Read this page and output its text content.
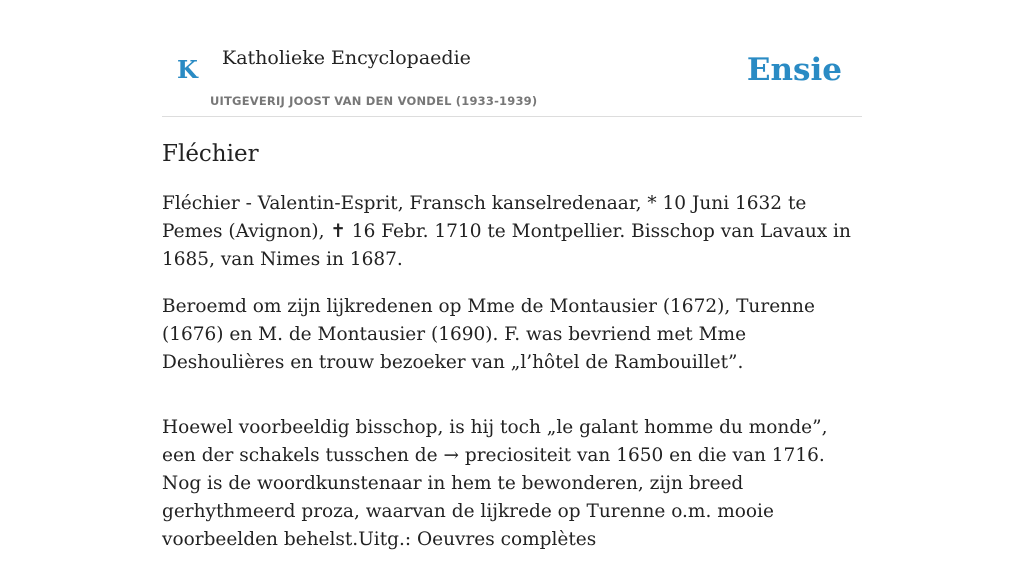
K Katholieke Encyclopaedie
UITGEVERIJ JOOST VAN DEN VONDEL (1933-1939)
Ensie
Fléchier

Fléchier - Valentin-Esprit, Fransch kanselredenaar, * 10 Juni 1632 te Pemes (Avignon), ✝ 16 Febr. 1710 te Montpellier. Bisschop van Lavaux in 1685, van Nimes in 1687.

Beroemd om zijn lijkredenen op Mme de Montausier (1672), Turenne (1676) en M. de Montausier (1690). F. was bevriend met Mme Deshoulières en trouw bezoeker van „l’hôtel de Rambouillet”.

Hoewel voorbeeldig bisschop, is hij toch „le galant homme du monde”, een der schakels tusschen de → preciositeit van 1650 en die van 1716. Nog is de woordkunstenaar in hem te bewonderen, zijn breed gerhythmeerd proza, waarvan de lijkrede op Turenne o.m. mooie voorbeelden behelst.Uitg.: Oeuvres complètes
